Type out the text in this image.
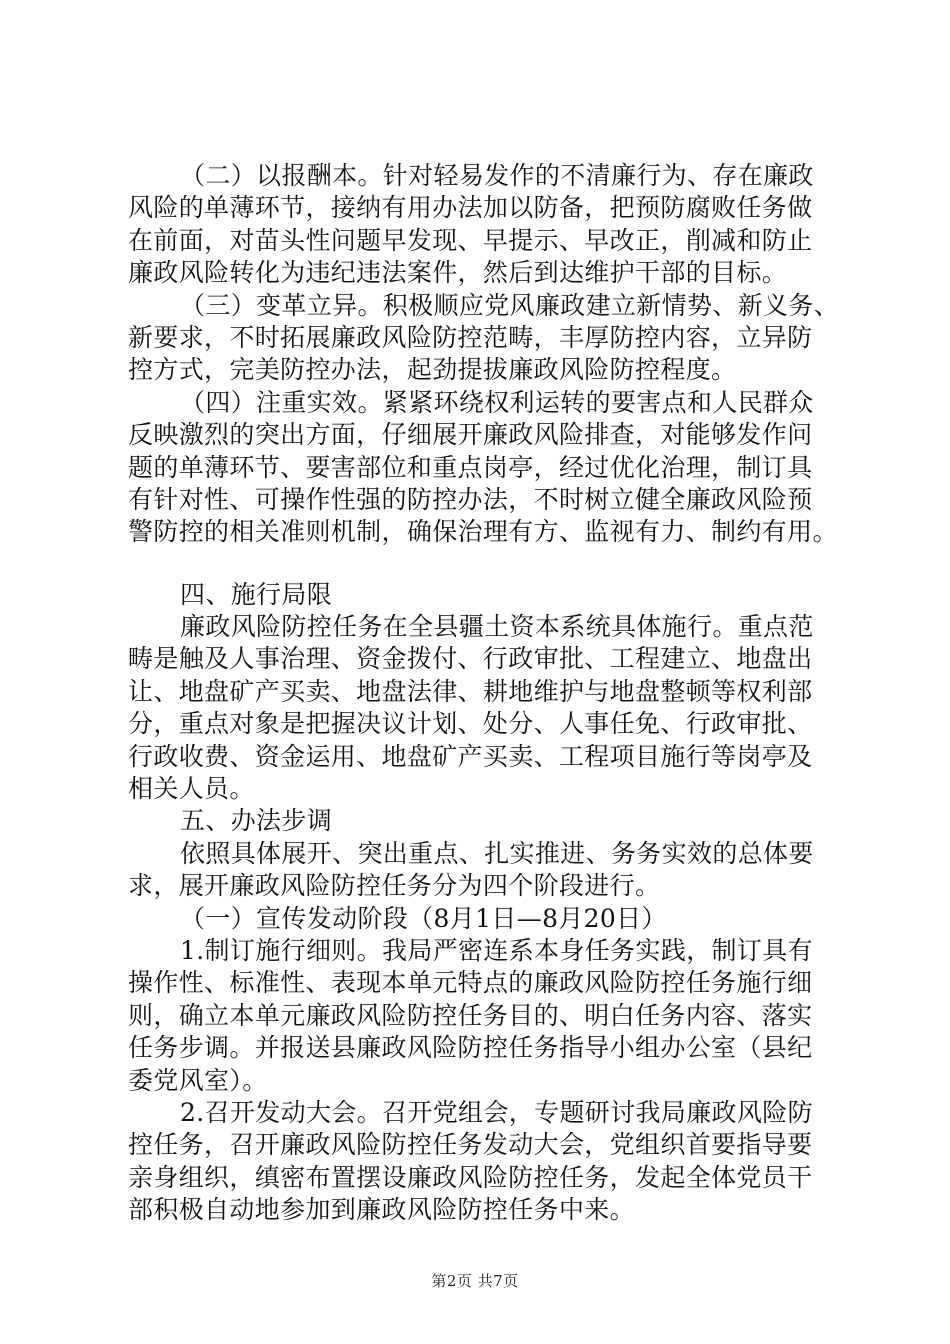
（二）以报酬本。针对轻易发作的不清廉行为、存在廉政
风险的单薄环节，接纳有用办法加以防备，把预防腐败任务做
在前面，对苗头性问题早发现、早提示、早改正，削减和防止
廉政风险转化为违纪违法案件，然后到达维护干部的目标。
（三）变革立异。积极顺应党风廉政建立新情势、新义务、
新要求，不时拓展廉政风险防控范畴，丰厚防控内容，立异防
控方式，完美防控办法，起劲提拔廉政风险防控程度。
（四）注重实效。紧紧环绕权利运转的要害点和人民群众
反映激烈的突出方面，仔细展开廉政风险排查，对能够发作问
题的单薄环节、要害部位和重点岗亭，经过优化治理，制订具
有针对性、可操作性强的防控办法，不时树立健全廉政风险预
警防控的相关准则机制，确保治理有方、监视有力、制约有用。
四、施行局限
廉政风险防控任务在全县疆土资本系统具体施行。重点范
畴是触及人事治理、资金拨付、行政审批、工程建立、地盘出
让、地盘矿产买卖、地盘法律、耕地维护与地盘整顿等权利部
分，重点对象是把握决议计划、处分、人事任免、行政审批、
行政收费、资金运用、地盘矿产买卖、工程项目施行等岗亭及
相关人员。
五、办法步调
依照具体展开、突出重点、扎实推进、务务实效的总体要
求，展开廉政风险防控任务分为四个阶段进行。
（一）宣传发动阶段（8月1日—8月20日）
1.制订施行细则。我局严密连系本身任务实践，制订具有
操作性、标准性、表现本单元特点的廉政风险防控任务施行细
则，确立本单元廉政风险防控任务目的、明白任务内容、落实
任务步调。并报送县廉政风险防控任务指导小组办公室（县纪
委党风室）。
2.召开发动大会。召开党组会，专题研讨我局廉政风险防
控任务，召开廉政风险防控任务发动大会，党组织首要指导要
亲身组织，缜密布置摆设廉政风险防控任务，发起全体党员干
部积极自动地参加到廉政风险防控任务中来。
第2页 共7页
